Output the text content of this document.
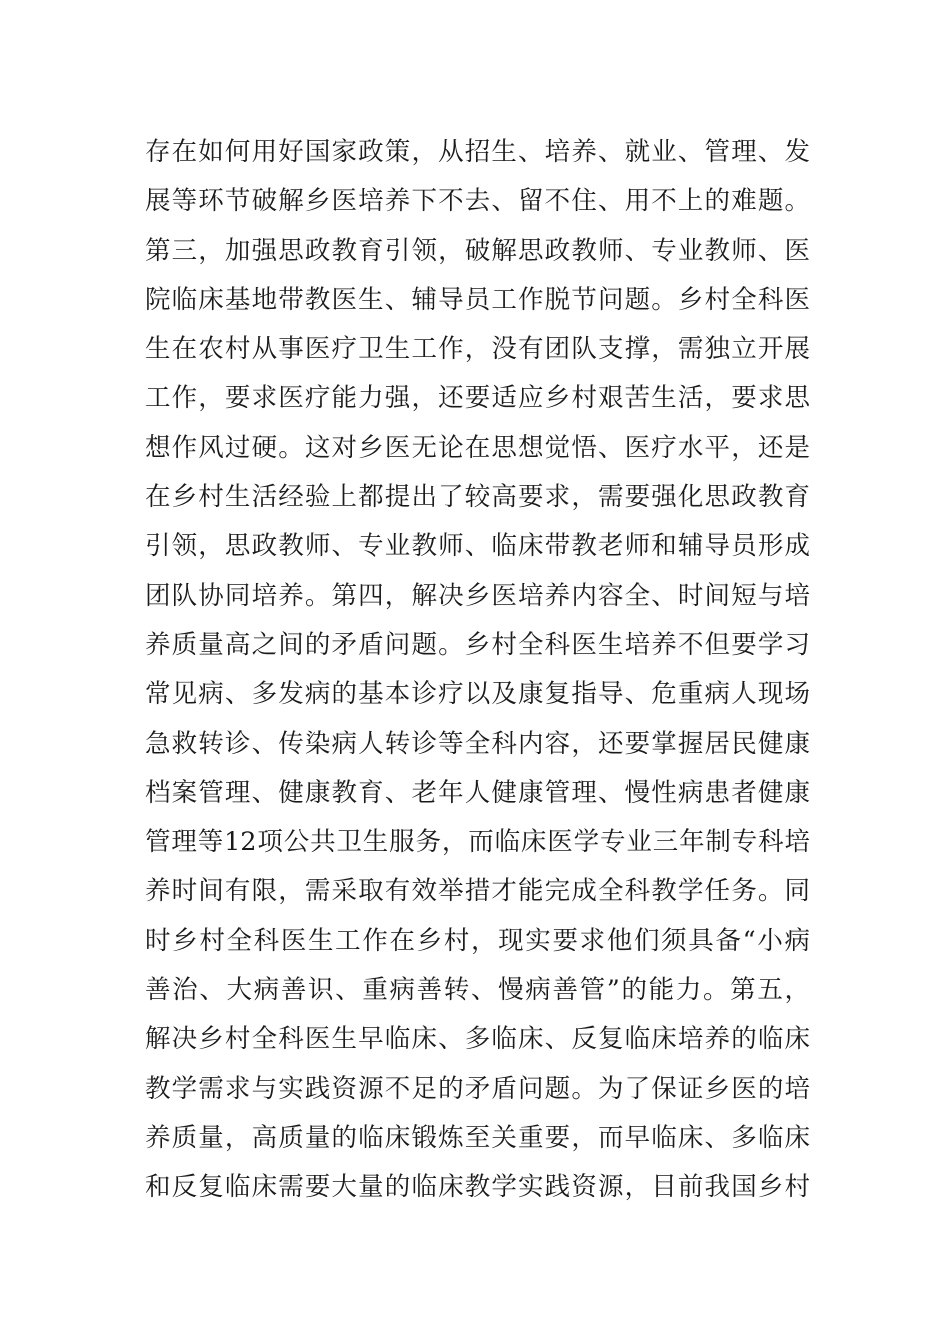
存在如何用好国家政策，从招生、培养、就业、管理、发
展等环节破解乡医培养下不去、留不住、用不上的难题。
第三，加强思政教育引领，破解思政教师、专业教师、医
院临床基地带教医生、辅导员工作脱节问题。乡村全科医
生在农村从事医疗卫生工作，没有团队支撑，需独立开展
工作，要求医疗能力强，还要适应乡村艰苦生活，要求思
想作风过硬。这对乡医无论在思想觉悟、医疗水平，还是
在乡村生活经验上都提出了较高要求，需要强化思政教育
引领，思政教师、专业教师、临床带教老师和辅导员形成
团队协同培养。第四，解决乡医培养内容全、时间短与培
养质量高之间的矛盾问题。乡村全科医生培养不但要学习
常见病、多发病的基本诊疗以及康复指导、危重病人现场
急救转诊、传染病人转诊等全科内容，还要掌握居民健康
档案管理、健康教育、老年人健康管理、慢性病患者健康
管理等12项公共卫生服务，而临床医学专业三年制专科培
养时间有限，需采取有效举措才能完成全科教学任务。同
时乡村全科医生工作在乡村，现实要求他们须具备“小病
善治、大病善识、重病善转、慢病善管”的能力。第五，
解决乡村全科医生早临床、多临床、反复临床培养的临床
教学需求与实践资源不足的矛盾问题。为了保证乡医的培
养质量，高质量的临床锻炼至关重要，而早临床、多临床
和反复临床需要大量的临床教学实践资源，目前我国乡村
